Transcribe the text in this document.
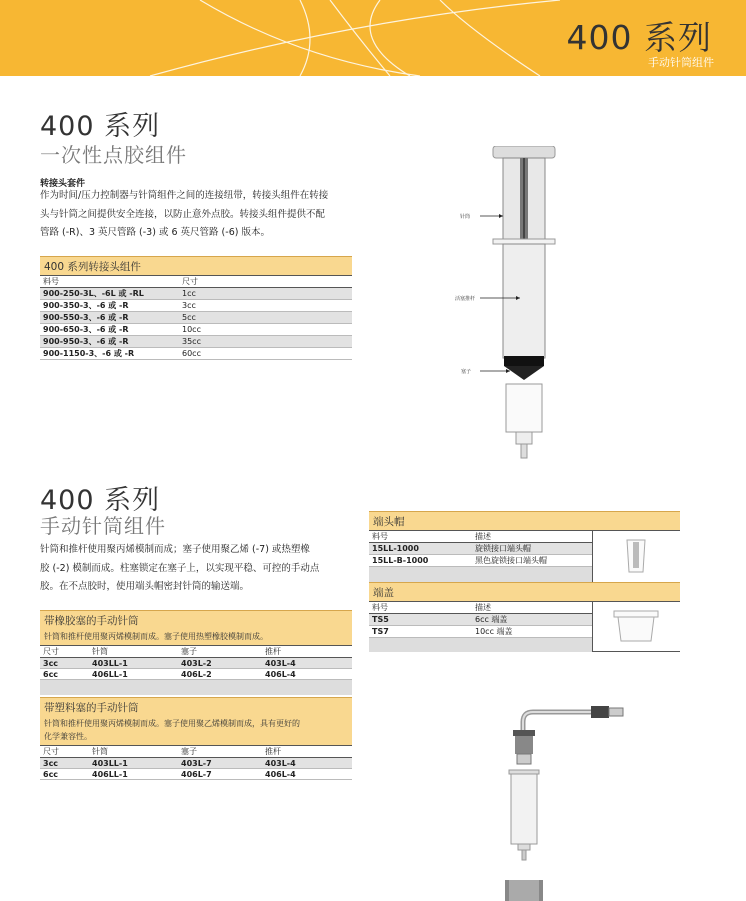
400 系列
手动针筒组件
400 系列
一次性点胶组件
转接头套件
作为时间/压力控制器与针筒组件之间的连接纽带，转接头组件在转接
头与针筒之间提供安全连接，以防止意外点胶。转接头组件提供不配
管路 (-R)、3 英尺管路 (-3) 或 6 英尺管路 (-6) 版本。
400 系列转接头组件
料号	尺寸
900-250-3L、-6L 或 -RL	1cc
900-350-3、-6 或 -R	3cc
900-550-3、-6 或 -R	5cc
900-650-3、-6 或 -R	10cc
900-950-3、-6 或 -R	35cc
900-1150-3、-6 或 -R	60cc
针筒
活塞推杆
塞子
400 系列
手动针筒组件
针筒和推杆使用聚丙烯模制而成；塞子使用聚乙烯 (-7) 或热塑橡
胶 (-2) 模制而成。柱塞锁定在塞子上，以实现平稳、可控的手动点
胶。在不点胶时，使用端头帽密封针筒的输送端。
带橡胶塞的手动针筒
针筒和推杆使用聚丙烯模制而成。塞子使用热塑橡胶模制而成。
尺寸	针筒	塞子	推杆
3cc	403LL-1	403L-2	403L-4
6cc	406LL-1	406L-2	406L-4
带塑料塞的手动针筒
针筒和推杆使用聚丙烯模制而成。塞子使用聚乙烯模制而成，具有更好的
化学兼容性。
尺寸	针筒	塞子	推杆
3cc	403LL-1	403L-7	403L-4
6cc	406LL-1	406L-7	406L-4
端头帽
料号	描述	
15LL-1000	旋锁接口端头帽	
15LL-B-1000	黑色旋锁接口端头帽	

端盖
料号	描述	
TS5	6cc 端盖	
TS7	10cc 端盖	
